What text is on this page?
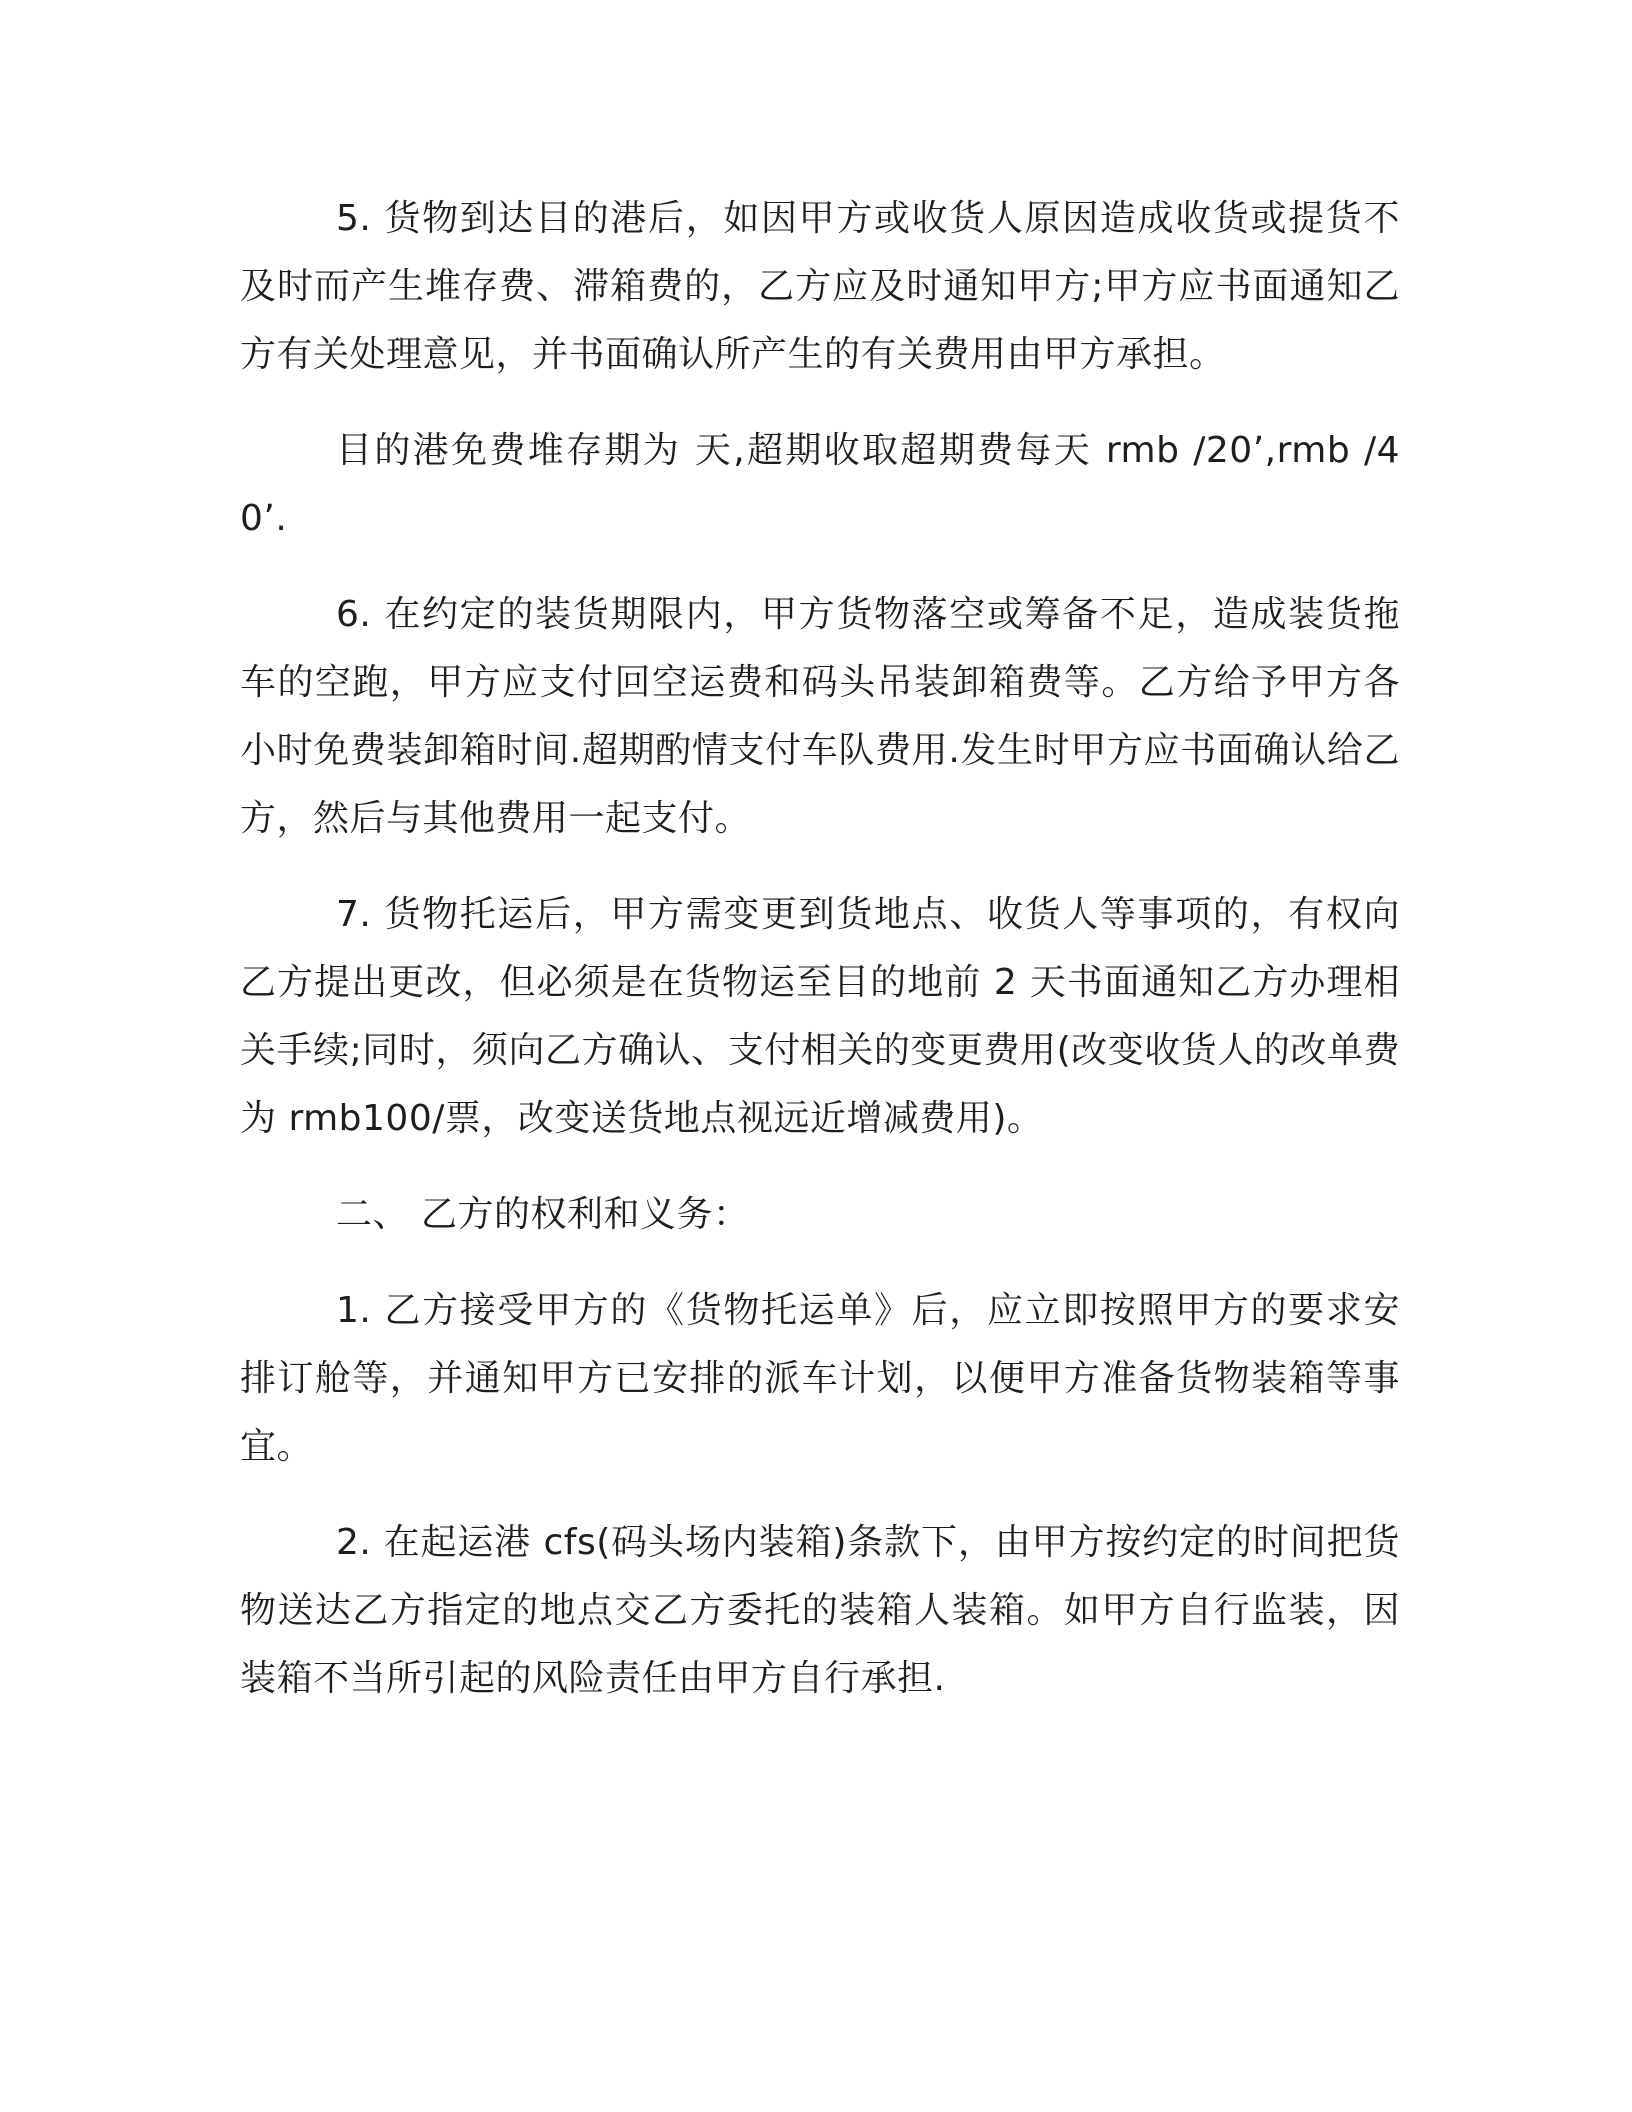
5. 货物到达目的港后，如因甲方或收货人原因造成收货或提货不及时而产生堆存费、滞箱费的，乙方应及时通知甲方;甲方应书面通知乙方有关处理意见，并书面确认所产生的有关费用由甲方承担。

目的港免费堆存期为 天,超期收取超期费每天 rmb /20’,rmb /40’.

6. 在约定的装货期限内，甲方货物落空或筹备不足，造成装货拖车的空跑，甲方应支付回空运费和码头吊装卸箱费等。乙方给予甲方各 小时免费装卸箱时间.超期酌情支付车队费用.发生时甲方应书面确认给乙方，然后与其他费用一起支付。

7. 货物托运后，甲方需变更到货地点、收货人等事项的，有权向乙方提出更改，但必须是在货物运至目的地前 2 天书面通知乙方办理相关手续;同时，须向乙方确认、支付相关的变更费用(改变收货人的改单费为 rmb100/票，改变送货地点视远近增减费用)。

二、 乙方的权利和义务：

1. 乙方接受甲方的《货物托运单》后，应立即按照甲方的要求安排订舱等，并通知甲方已安排的派车计划，以便甲方准备货物装箱等事宜。

2. 在起运港 cfs(码头场内装箱)条款下，由甲方按约定的时间把货物送达乙方指定的地点交乙方委托的装箱人装箱。如甲方自行监装，因装箱不当所引起的风险责任由甲方自行承担.
